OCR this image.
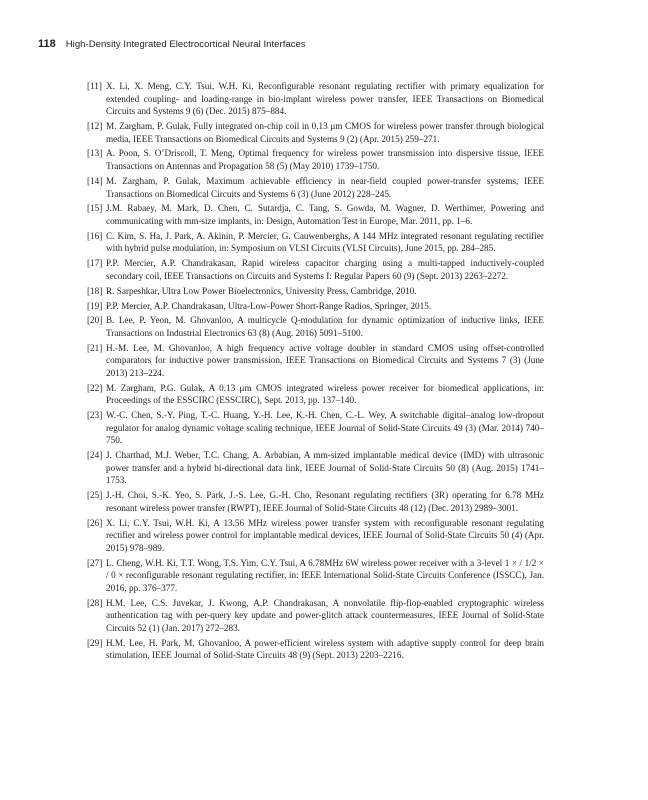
118 High-Density Integrated Electrocortical Neural Interfaces
[11] X. Li, X. Meng, C.Y. Tsui, W.H. Ki, Reconfigurable resonant regulating rectifier with primary equalization for extended coupling- and loading-range in bio-implant wireless power transfer, IEEE Transactions on Biomedical Circuits and Systems 9 (6) (Dec. 2015) 875–884.
[12] M. Zargham, P. Gulak, Fully integrated on-chip coil in 0.13 μm CMOS for wireless power transfer through biological media, IEEE Transactions on Biomedical Circuits and Systems 9 (2) (Apr. 2015) 259–271.
[13] A. Poon, S. O’Driscoll, T. Meng, Optimal frequency for wireless power transmission into dispersive tissue, IEEE Transactions on Antennas and Propagation 58 (5) (May 2010) 1739–1750.
[14] M. Zargham, P. Gulak, Maximum achievable efficiency in near-field coupled power-transfer systems, IEEE Transactions on Biomedical Circuits and Systems 6 (3) (June 2012) 228–245.
[15] J.M. Rabaey, M. Mark, D. Chen, C. Sutardja, C. Tang, S. Gowda, M. Wagner, D. Werthimer, Powering and communicating with mm-size implants, in: Design, Automation Test in Europe, Mar. 2011, pp. 1–6.
[16] C. Kim, S. Ha, J. Park, A. Akinin, P. Mercier, G. Cauwenberghs, A 144 MHz integrated resonant regulating rectifier with hybrid pulse modulation, in: Symposium on VLSI Circuits (VLSI Circuits), June 2015, pp. 284–285.
[17] P.P. Mercier, A.P. Chandrakasan, Rapid wireless capacitor charging using a multi-tapped inductively-coupled secondary coil, IEEE Transactions on Circuits and Systems I: Regular Papers 60 (9) (Sept. 2013) 2263–2272.
[18] R. Sarpeshkar, Ultra Low Power Bioelectronics, University Press, Cambridge, 2010.
[19] P.P. Mercier, A.P. Chandrakasan, Ultra-Low-Power Short-Range Radios, Springer, 2015.
[20] B. Lee, P. Yeon, M. Ghovanloo, A multicycle Q-modulation for dynamic optimization of inductive links, IEEE Transactions on Industrial Electronics 63 (8) (Aug. 2016) 5091–5100.
[21] H.-M. Lee, M. Ghovanloo, A high frequency active voltage doubler in standard CMOS using offset-controlled comparators for inductive power transmission, IEEE Transactions on Biomedical Circuits and Systems 7 (3) (June 2013) 213–224.
[22] M. Zargham, P.G. Gulak, A 0.13 μm CMOS integrated wireless power receiver for biomedical applications, in: Proceedings of the ESSCIRC (ESSCIRC), Sept. 2013, pp. 137–140.
[23] W.-C. Chen, S.-Y. Ping, T.-C. Huang, Y.-H. Lee, K.-H. Chen, C.-L. Wey, A switchable digital–analog low-dropout regulator for analog dynamic voltage scaling technique, IEEE Journal of Solid-State Circuits 49 (3) (Mar. 2014) 740–750.
[24] J. Charthad, M.J. Weber, T.C. Chang, A. Arbabian, A mm-sized implantable medical device (IMD) with ultrasonic power transfer and a hybrid bi-directional data link, IEEE Journal of Solid-State Circuits 50 (8) (Aug. 2015) 1741–1753.
[25] J.-H. Choi, S.-K. Yeo, S. Park, J.-S. Lee, G.-H. Cho, Resonant regulating rectifiers (3R) operating for 6.78 MHz resonant wireless power transfer (RWPT), IEEE Journal of Solid-State Circuits 48 (12) (Dec. 2013) 2989–3001.
[26] X. Li, C.Y. Tsui, W.H. Ki, A 13.56 MHz wireless power transfer system with reconfigurable resonant regulating rectifier and wireless power control for implantable medical devices, IEEE Journal of Solid-State Circuits 50 (4) (Apr. 2015) 978–989.
[27] L. Cheng, W.H. Ki, T.T. Wong, T.S. Yim, C.Y. Tsui, A 6.78MHz 6W wireless power receiver with a 3-level 1 × / 1/2 × / 0 × reconfigurable resonant regulating rectifier, in: IEEE International Solid-State Circuits Conference (ISSCC), Jan. 2016, pp. 376–377.
[28] H.M. Lee, C.S. Juvekar, J. Kwong, A.P. Chandrakasan, A nonvolatile flip-flop-enabled cryptographic wireless authentication tag with per-query key update and power-glitch attack countermeasures, IEEE Journal of Solid-State Circuits 52 (1) (Jan. 2017) 272–283.
[29] H.M. Lee, H. Park, M. Ghovanloo, A power-efficient wireless system with adaptive supply control for deep brain stimulation, IEEE Journal of Solid-State Circuits 48 (9) (Sept. 2013) 2203–2216.
